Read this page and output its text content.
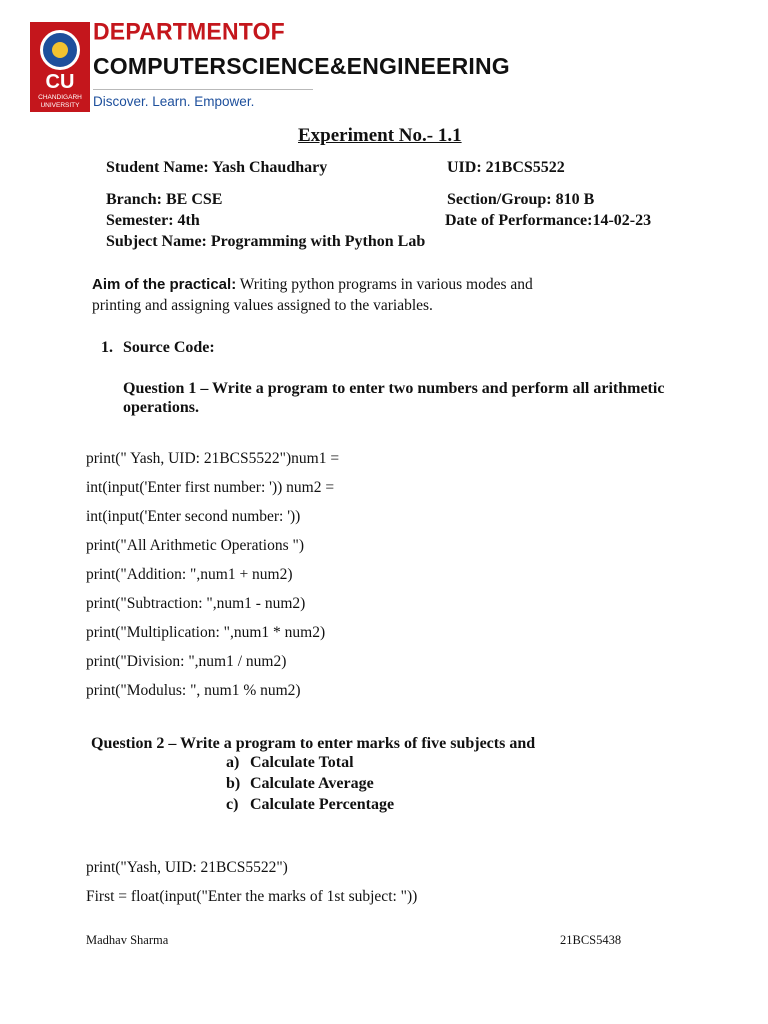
CU
CHANDIGARH UNIVERSITY
DEPARTMENTOF
COMPUTERSCIENCE&ENGINEERING
Discover. Learn. Empower.
Experiment No.- 1.1
Student Name: Yash Chaudhary	UID: 21BCS5522
Branch: BE CSE	Section/Group: 810 B
Semester: 4th	Date of Performance:14-02-23
Subject Name: Programming with Python Lab
Aim of the practical: Writing python programs in various modes and
printing and assigning values assigned to the variables.
1. Source Code:
Question 1 – Write a program to enter two numbers and perform all arithmetic
operations.
print(" Yash, UID: 21BCS5522")num1 =
int(input('Enter first number: ')) num2 =
int(input('Enter second number: '))
print("All Arithmetic Operations ")
print("Addition: ",num1 + num2)
print("Subtraction: ",num1 - num2)
print("Multiplication: ",num1 * num2)
print("Division: ",num1 / num2)
print("Modulus: ", num1 % num2)
Question 2 – Write a program to enter marks of five subjects and
a) Calculate Total
b) Calculate Average
c) Calculate Percentage
print("Yash, UID: 21BCS5522")
First = float(input("Enter the marks of 1st subject: "))
Madhav Sharma	21BCS5438
